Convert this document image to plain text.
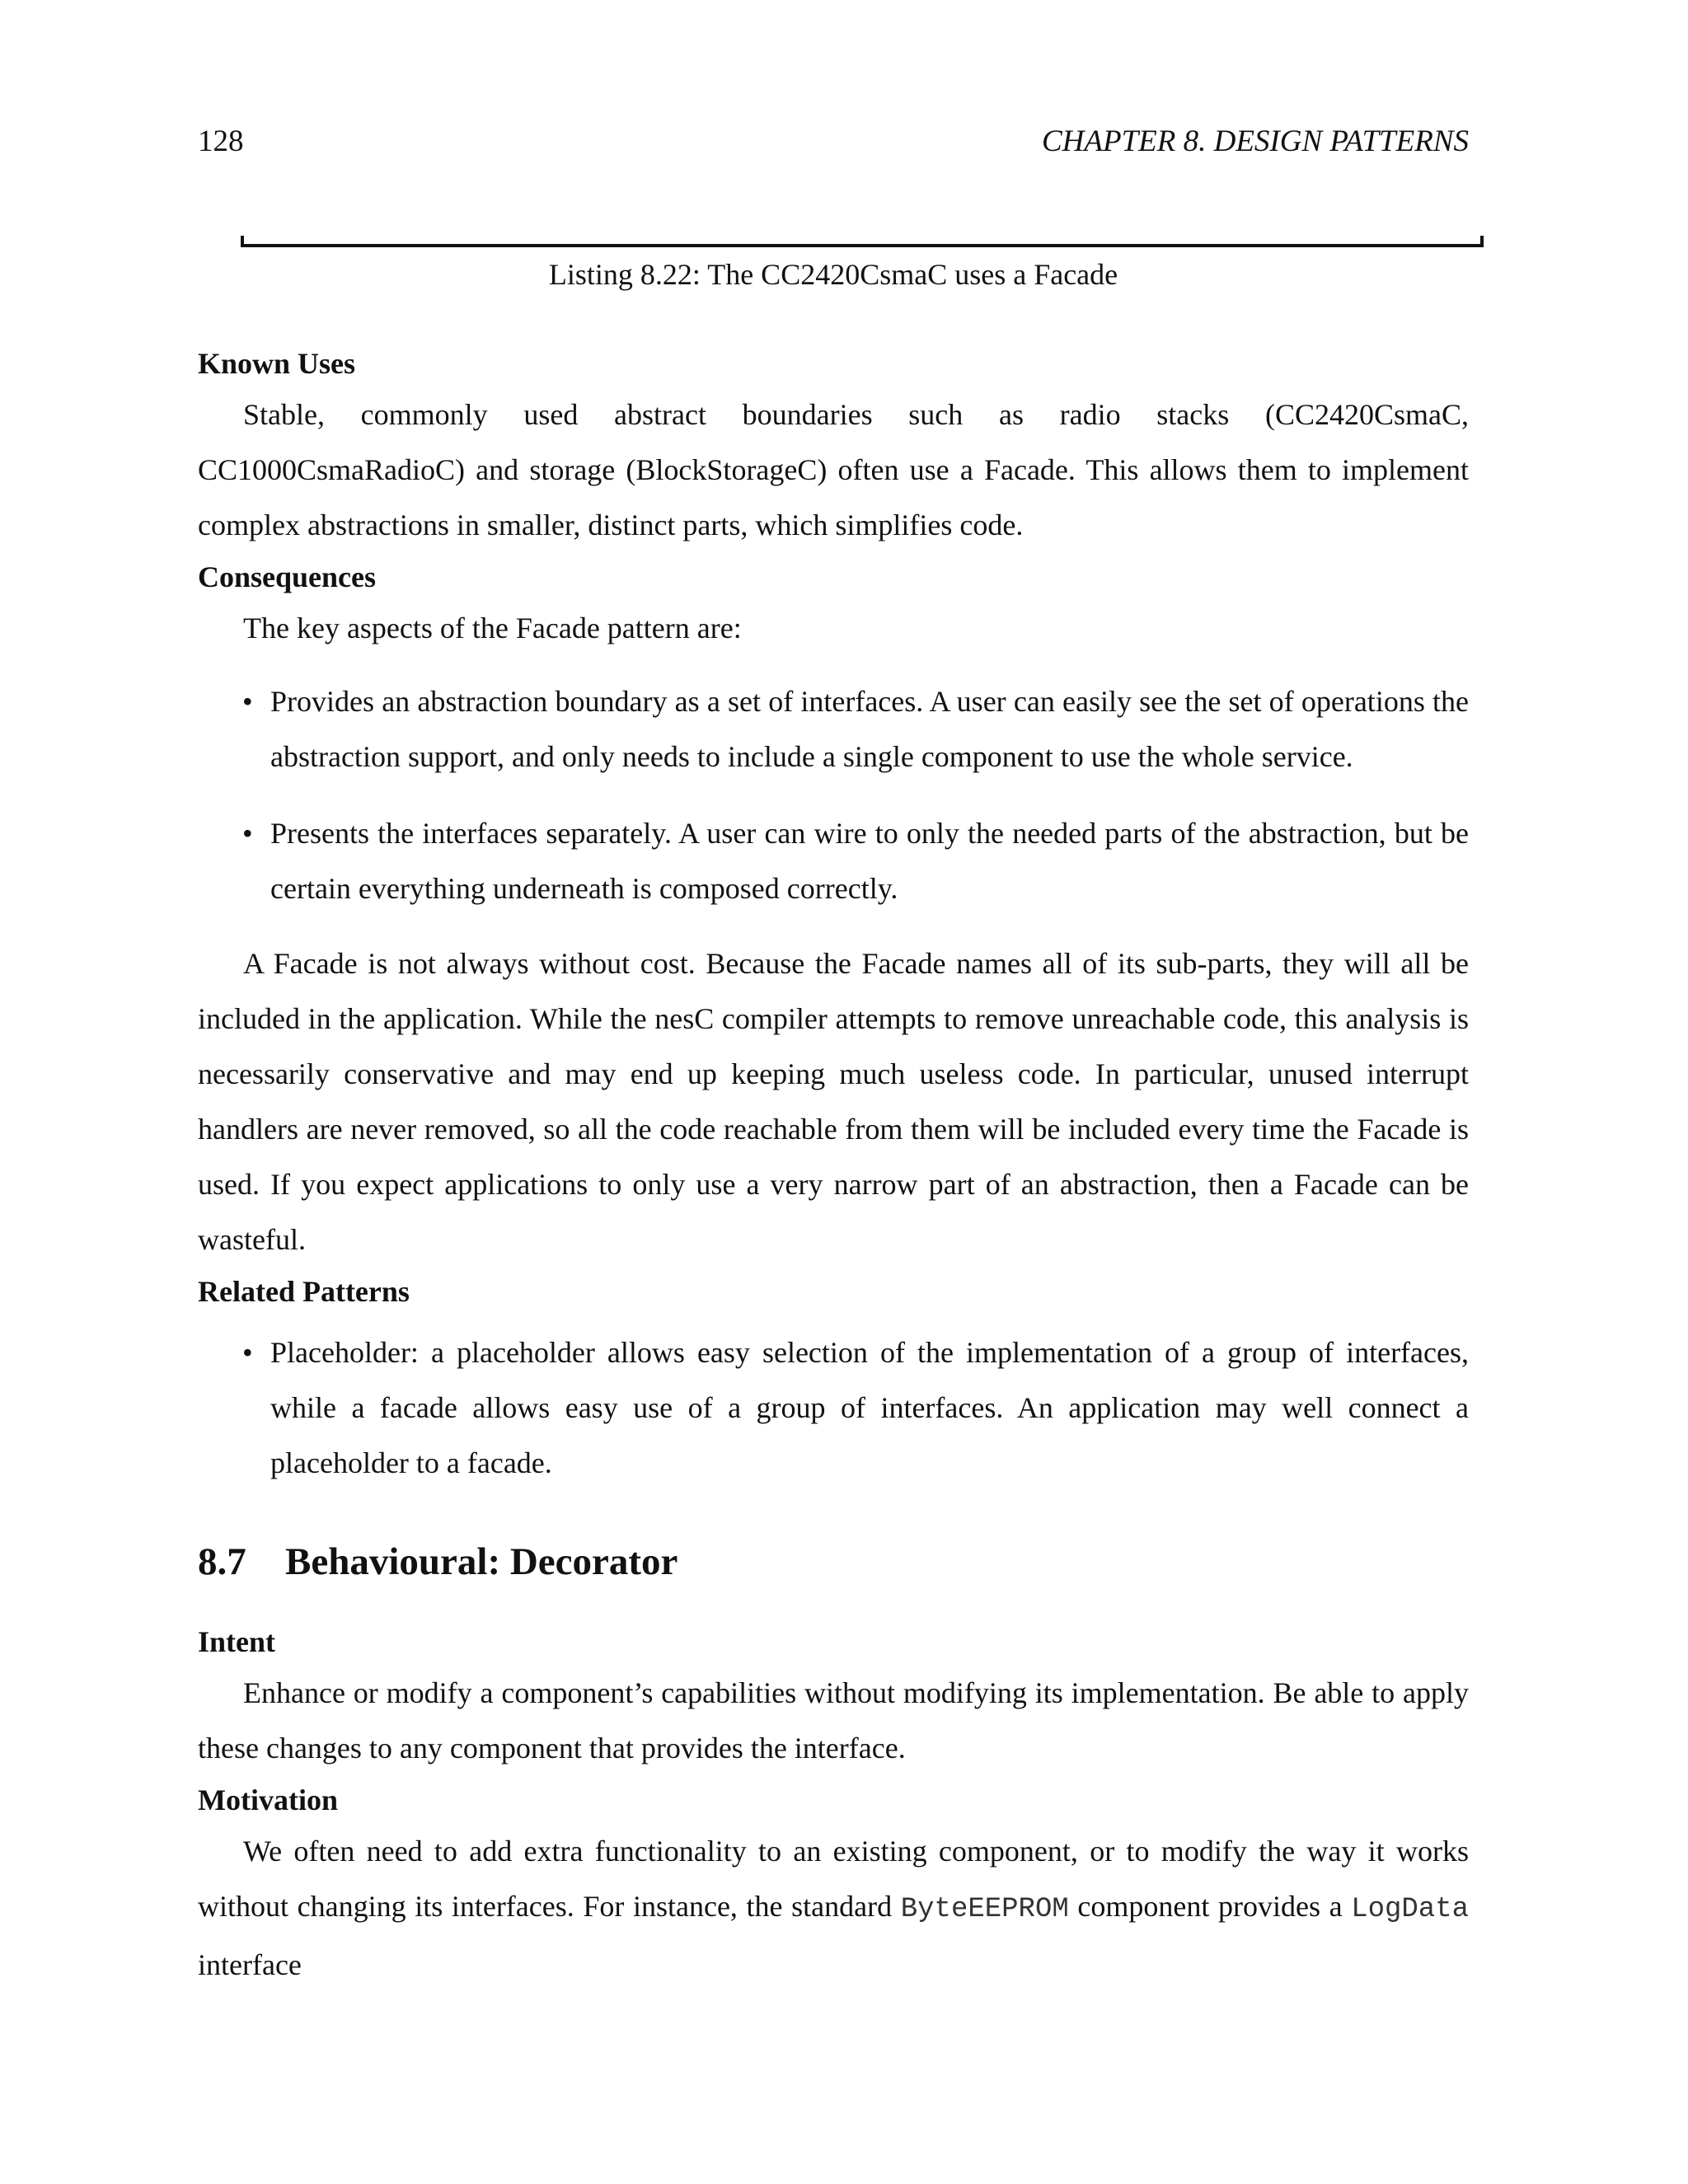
128	CHAPTER 8. DESIGN PATTERNS
Listing 8.22: The CC2420CsmaC uses a Facade
Known Uses

Stable, commonly used abstract boundaries such as radio stacks (CC2420CsmaC, CC1000CsmaRadioC) and storage (BlockStorageC) often use a Facade. This allows them to implement complex abstractions in smaller, distinct parts, which simplifies code.

Consequences

The key aspects of the Facade pattern are:

• Provides an abstraction boundary as a set of interfaces. A user can easily see the set of operations the abstraction support, and only needs to include a single component to use the whole service.
• Presents the interfaces separately. A user can wire to only the needed parts of the abstraction, but be certain everything underneath is composed correctly.

A Facade is not always without cost. Because the Facade names all of its sub-parts, they will all be included in the application. While the nesC compiler attempts to remove unreachable code, this analysis is necessarily conservative and may end up keeping much useless code. In particular, unused interrupt handlers are never removed, so all the code reachable from them will be included every time the Facade is used. If you expect applications to only use a very narrow part of an abstraction, then a Facade can be wasteful.

Related Patterns
• Placeholder: a placeholder allows easy selection of the implementation of a group of interfaces, while a facade allows easy use of a group of interfaces. An application may well connect a placeholder to a facade.
8.7 Behavioural: Decorator
Intent

Enhance or modify a component’s capabilities without modifying its implementation. Be able to apply these changes to any component that provides the interface.

Motivation

We often need to add extra functionality to an existing component, or to modify the way it works without changing its interfaces. For instance, the standard ByteEEPROM component provides a LogData interface
